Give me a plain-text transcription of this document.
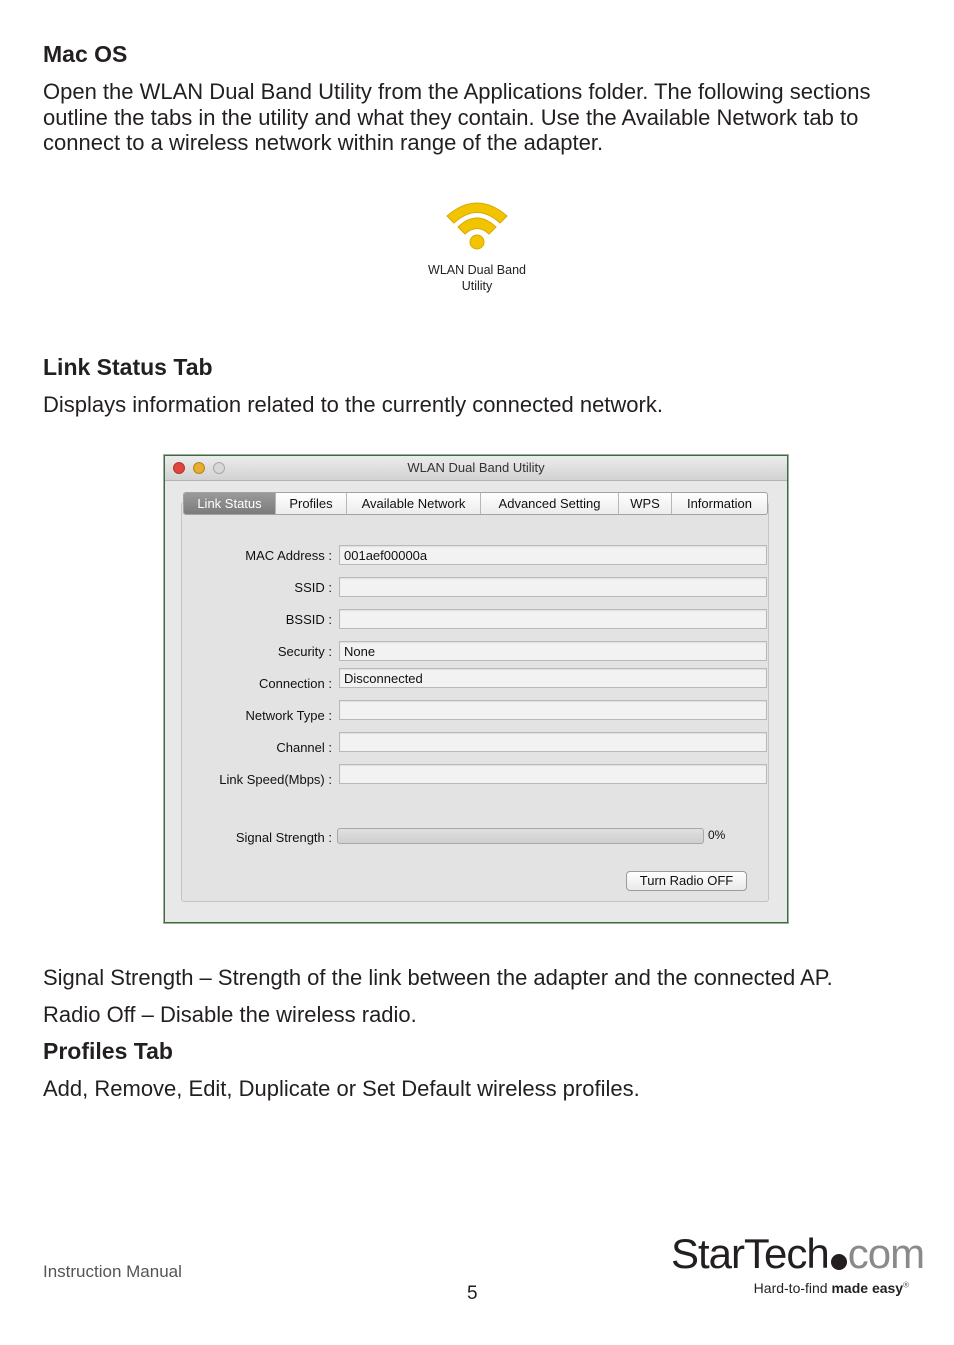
Mac OS

Open the WLAN Dual Band Utility from the Applications folder. The following sections outline the tabs in the utility and what they contain. Use the Available Network tab to connect to a wireless network within range of the adapter.

WLAN Dual Band
Utility
Link Status Tab

Displays information related to the currently connected network.

WLAN Dual Band Utility
MAC Address : 001aef00000a
SSID :
BSSID :
Security : None
Connection : Disconnected
Network Type :
Channel :
Link Speed(Mbps) :
Signal Strength :	0%
Turn Radio OFF
Link Status	Profiles	Available Network	Advanced Setting	WPS	Information

Signal Strength – Strength of the link between the adapter and the connected AP.

Radio Off – Disable the wireless radio.

Profiles Tab

Add, Remove, Edit, Duplicate or Set Default wireless profiles.

Instruction Manual
5
StarTech com
Hard-to-find made easy®
